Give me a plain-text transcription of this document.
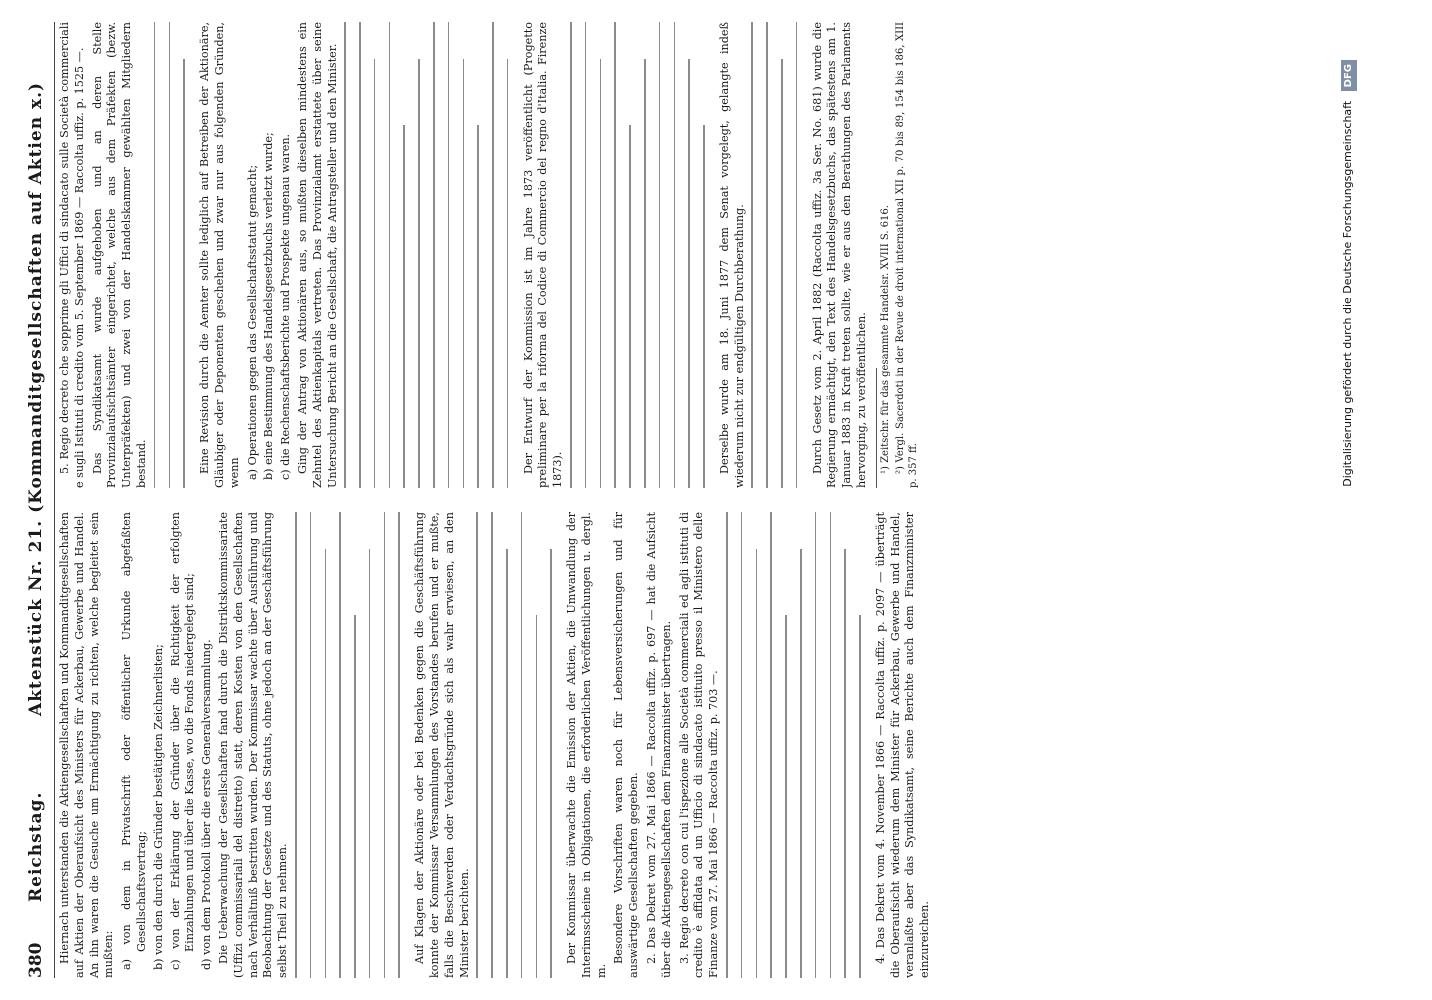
380
Reichstag.
Aktenstück Nr. 21. (Kommanditgesellschaften auf Aktien x.)

Hiernach unterstanden die Aktiengesellschaften und Kommanditgesellschaften auf Aktien der Oberaufsicht des Ministers für Ackerbau, Gewerbe und Handel. An ihn waren die Gesuche um Ermächtigung zu richten, welche begleitet sein mußten: a) von dem in Privatschrift oder öffentlicher Urkunde abgefaßten Gesellschaftsvertrag; b) von den durch die Gründer bestätigten Zeichnerlisten; c) von der Erklärung der Gründer über die Richtigkeit der erfolgten Einzahlungen und über die Kasse, wo die Fonds niedergelegt sind; d) von dem Protokoll über die erste Generalversammlung. Die Ueberwachung der Gesellschaften fand durch die Distriktskommissariate (Uffizi commissariali del distretto) statt, deren Kosten von den Gesellschaften nach Verhältniß bestritten wurden. Der Kommissar wachte über Ausführung und Beobachtung der Gesetze und des Statuts, ohne jedoch an der Geschäftsführung selbst Theil zu nehmen.	Auf Klagen der Aktionäre oder bei Bedenken gegen die Geschäftsführung konnte der Kommissar Versammlungen des Vorstandes berufen und er mußte, falls die Beschwerden oder Verdachtsgründe sich als wahr erwiesen, an den Minister berichten.	Der Kommissar überwachte die Emission der Aktien, die Umwandlung der Interimsscheine in Obligationen, die erforderlichen Veröffentlichungen u. dergl. m.

Besondere Vorschriften waren noch für Lebensversicherungen und für auswärtige Gesellschaften gegeben. 2. Das Dekret vom 27. Mai 1866 — Raccolta uffiz. p. 697 — hat die Aufsicht über die Aktiengesellschaften dem Finanzminister übertragen. 3. Regio decreto con cui l'ispezione alle Società commerciali ed agli istituti di credito è affidata ad un Ufficio di sindacato istituito presso il Ministero delle Finanze vom 27. Mai 1866 — Raccolta uffiz. p. 703 —.	4. Das Dekret vom 4. November 1866 — Raccolta uffiz. p. 2097 — überträgt die Oberaufsicht wiederum dem Minister für Ackerbau, Gewerbe und Handel, veranlaßte aber das Syndikatsamt, seine Berichte auch dem Finanzminister einzureichen.

5. Regio decreto che sopprime gli Uffici di sindacato sulle Società commerciali e sugli Istituti di credito vom 5. September 1869 — Raccolta uffiz. p. 1525 —. Das Syndikatsamt wurde aufgehoben und an deren Stelle Provinzialaufsichtsämter eingerichtet, welche aus dem Präfekten (bezw. Unterpräfekten) und zwei von der Handelskammer gewählten Mitgliedern bestand.	Eine Revision durch die Aemter sollte lediglich auf Betreiben der Aktionäre, Gläubiger oder Deponenten geschehen und zwar nur aus folgenden Gründen, wenn a) Operationen gegen das Gesellschaftsstatut gemacht; b) eine Bestimmung des Handelsgesetzbuchs verletzt wurde; c) die Rechenschaftsberichte und Prospekte ungenau waren. Ging der Antrag von Aktionären aus, so mußten dieselben mindestens ein Zehntel des Aktienkapitals vertreten. Das Provinzialamt erstattete über seine Untersuchung Bericht an die Gesellschaft, die Antragsteller und den Minister.	Der Entwurf der Kommission ist im Jahre 1873 veröffentlicht (Progetto preliminare per la riforma del Codice di Commercio del regno d'Italia. Firenze 1873).	Derselbe wurde am 18. Juni 1877 dem Senat vorgelegt, gelangte indeß wiederum nicht zur endgültigen Durchberathung.	Durch Gesetz vom 2. April 1882 (Raccolta uffiz. 3a Ser. No. 681) wurde die Regierung ermächtigt, den Text des Handelsgesetzbuchs, das spätestens am 1. Januar 1883 in Kraft treten sollte, wie er aus den Berathungen des Parlaments hervorging, zu veröffentlichen. ¹) Zeitschr. für das gesammte Handelsr. XVIII S. 616. ²) Vergl. Sacerdoti in der Revue de droit international XII p. 70 bis 89, 154 bis 186, XIII p. 357 ff.	Digitalisierung gefördert durch die Deutsche Forschungsgemeinschaft DFG
